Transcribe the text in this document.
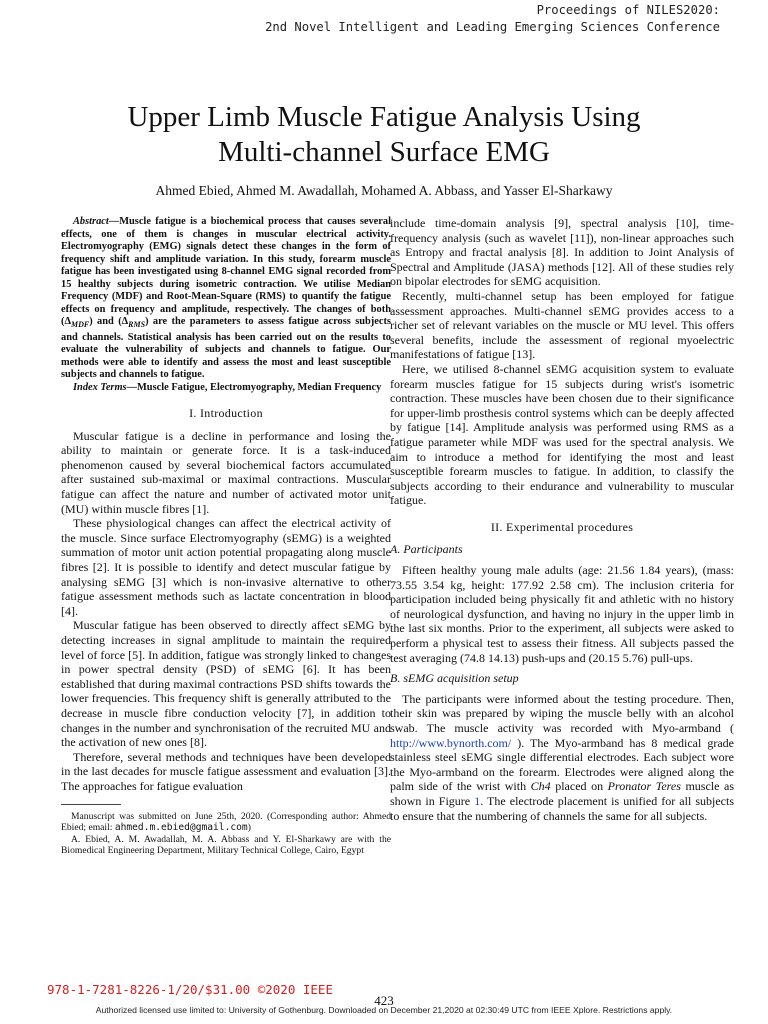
Proceedings of NILES2020:
2nd Novel Intelligent and Leading Emerging Sciences Conference
Upper Limb Muscle Fatigue Analysis Using
Multi-channel Surface EMG
Ahmed Ebied, Ahmed M. Awadallah, Mohamed A. Abbass, and Yasser El-Sharkawy

Abstract—Muscle fatigue is a biochemical process that causes several effects, one of them is changes in muscular electrical activity. Electromyography (EMG) signals detect these changes in the form of frequency shift and amplitude variation. In this study, forearm muscle fatigue has been investigated using 8-channel EMG signal recorded from 15 healthy subjects during isometric contraction. We utilise Median Frequency (MDF) and Root-Mean-Square (RMS) to quantify the fatigue effects on frequency and amplitude, respectively. The changes of both $(\Delta_{MDF})$ and $(\Delta_{RMS})$ are the parameters to assess fatigue across subjects and channels. Statistical analysis has been carried out on the results to evaluate the vulnerability of subjects and channels to fatigue. Our methods were able to identify and assess the most and least susceptible subjects and channels to fatigue.

Index Terms—Muscle Fatigue, Electromyography, Median Frequency

I. Introduction

Muscular fatigue is a decline in performance and losing the ability to maintain or generate force. It is a task-induced phenomenon caused by several biochemical factors accumulated after sustained sub-maximal or maximal contractions. Muscular fatigue can affect the nature and number of activated motor unit (MU) within muscle fibres [1].

These physiological changes can affect the electrical activity of the muscle. Since surface Electromyography (sEMG) is a weighted summation of motor unit action potential propagating along muscle fibres [2]. It is possible to identify and detect muscular fatigue by analysing sEMG [3] which is non-invasive alternative to other fatigue assessment methods such as lactate concentration in blood [4].

Muscular fatigue has been observed to directly affect sEMG by detecting increases in signal amplitude to maintain the required level of force [5]. In addition, fatigue was strongly linked to changes in power spectral density (PSD) of sEMG [6]. It has been established that during maximal contractions PSD shifts towards the lower frequencies. This frequency shift is generally attributed to the decrease in muscle fibre conduction velocity [7], in addition to changes in the number and synchronisation of the recruited MU and the activation of new ones [8].

Therefore, several methods and techniques have been developed in the last decades for muscle fatigue assessment and evaluation [3]. The approaches for fatigue evaluation

Manuscript was submitted on June 25th, 2020. (Corresponding author: Ahmed Ebied; email: ahmed.m.ebied@gmail.com)

A. Ebied, A. M. Awadallah, M. A. Abbass and Y. El-Sharkawy are with the Biomedical Engineering Department, Military Technical College, Cairo, Egypt

include time-domain analysis [9], spectral analysis [10], time-frequency analysis (such as wavelet [11]), non-linear approaches such as Entropy and fractal analysis [8]. In addition to Joint Analysis of Spectral and Amplitude (JASA) methods [12]. All of these studies rely on bipolar electrodes for sEMG acquisition.

Recently, multi-channel setup has been employed for fatigue assessment approaches. Multi-channel sEMG provides access to a richer set of relevant variables on the muscle or MU level. This offers several benefits, include the assessment of regional myoelectric manifestations of fatigue [13].

Here, we utilised 8-channel sEMG acquisition system to evaluate forearm muscles fatigue for 15 subjects during wrist's isometric contraction. These muscles have been chosen due to their significance for upper-limb prosthesis control systems which can be deeply affected by fatigue [14]. Amplitude analysis was performed using RMS as a fatigue parameter while MDF was used for the spectral analysis. We aim to introduce a method for identifying the most and least susceptible forearm muscles to fatigue. In addition, to classify the subjects according to their endurance and vulnerability to muscular fatigue.

II. Experimental procedures
A. Participants

Fifteen healthy young male adults (age: 21.56 1.84 years), (mass: 73.55 3.54 kg, height: 177.92 2.58 cm). The inclusion criteria for participation included being physically fit and athletic with no history of neurological dysfunction, and having no injury in the upper limb in the last six months. Prior to the experiment, all subjects were asked to perform a physical test to assess their fitness. All subjects passed the test averaging (74.8 14.13) push-ups and (20.15 5.76) pull-ups.

B. sEMG acquisition setup

The participants were informed about the testing procedure. Then, their skin was prepared by wiping the muscle belly with an alcohol swab. The muscle activity was recorded with Myo-armband ( http://www.bynorth.com/ ). The Myo-armband has 8 medical grade stainless steel sEMG single differential electrodes. Each subject wore the Myo-armband on the forearm. Electrodes were aligned along the palm side of the wrist with Ch4 placed on Pronator Teres muscle as shown in Figure 1. The electrode placement is unified for all subjects to ensure that the numbering of channels the same for all subjects.

978-1-7281-8226-1/20/$31.00 ©2020 IEEE
423
Authorized licensed use limited to: University of Gothenburg. Downloaded on December 21,2020 at 02:30:49 UTC from IEEE Xplore. Restrictions apply.
